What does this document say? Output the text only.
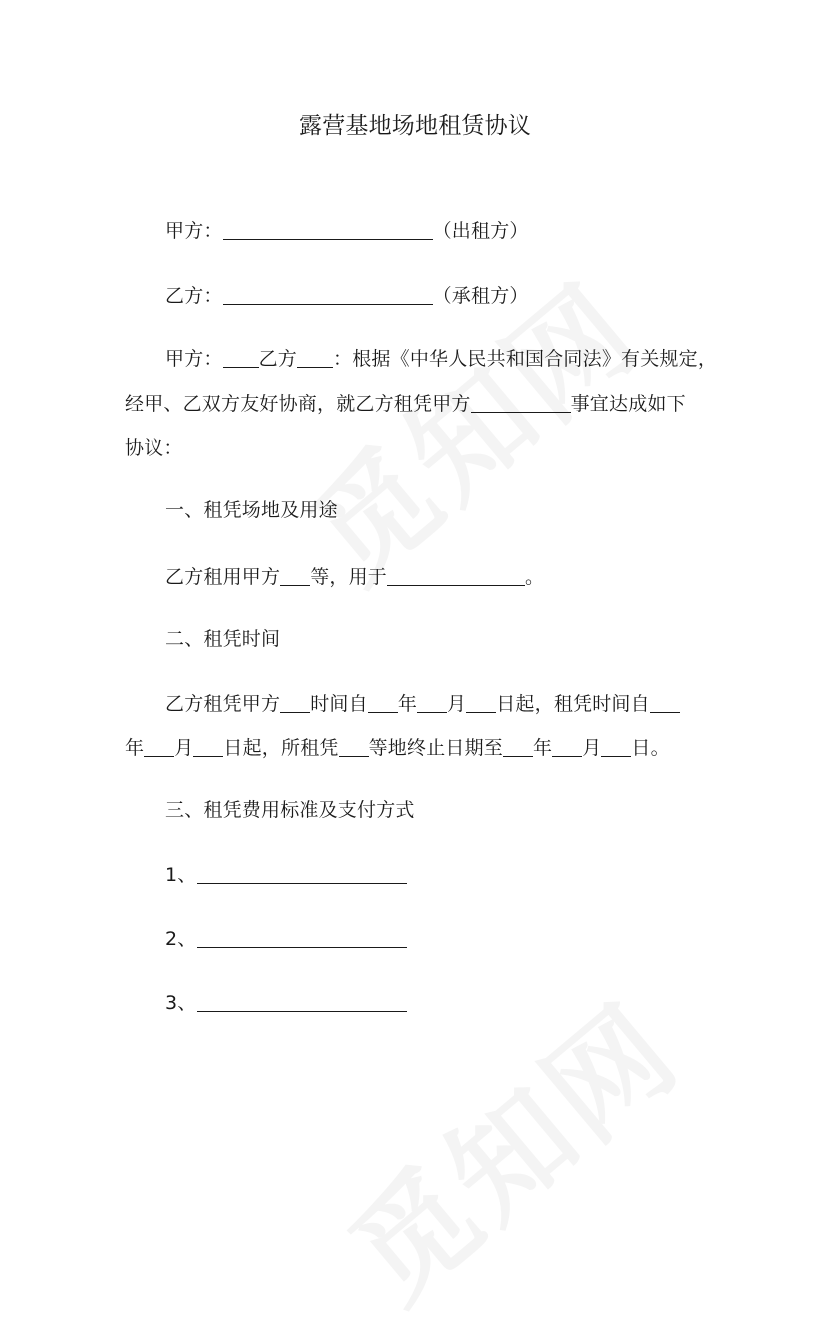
露营基地场地租赁协议
甲方：	（出租方）
乙方：	（承租方）
甲方： 乙方 ：根据《中华人民共和国合同法》有关规定，
经甲、乙双方友好协商，就乙方租凭甲方	事宜达成如下
协议：
一、租凭场地及用途
乙方租用甲方 等，用于	。
二、租凭时间
乙方租凭甲方 时间自 年 月 日起，租凭时间自
年 月 日起，所租凭 等地终止日期至 年 月 日。
三、租凭费用标准及支付方式
1、
2、
3、
